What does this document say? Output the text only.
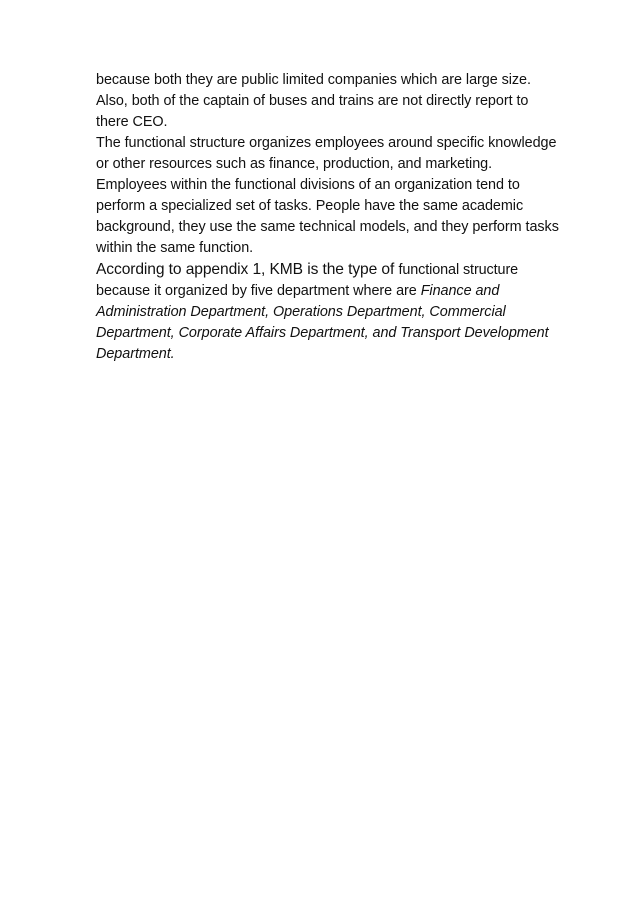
because both they are public limited companies which are large size.
Also, both of the captain of buses and trains are not directly report to
there CEO.
The functional structure organizes employees around specific knowledge
or other resources such as finance, production, and marketing.
Employees within the functional divisions of an organization tend to
perform a specialized set of tasks. People have the same academic
background, they use the same technical models, and they perform tasks
within the same function.
According to appendix 1, KMB is the type of functional structure
because it organized by five department where are Finance and
Administration Department, Operations Department, Commercial
Department, Corporate Affairs Department, and Transport Development
Department.
